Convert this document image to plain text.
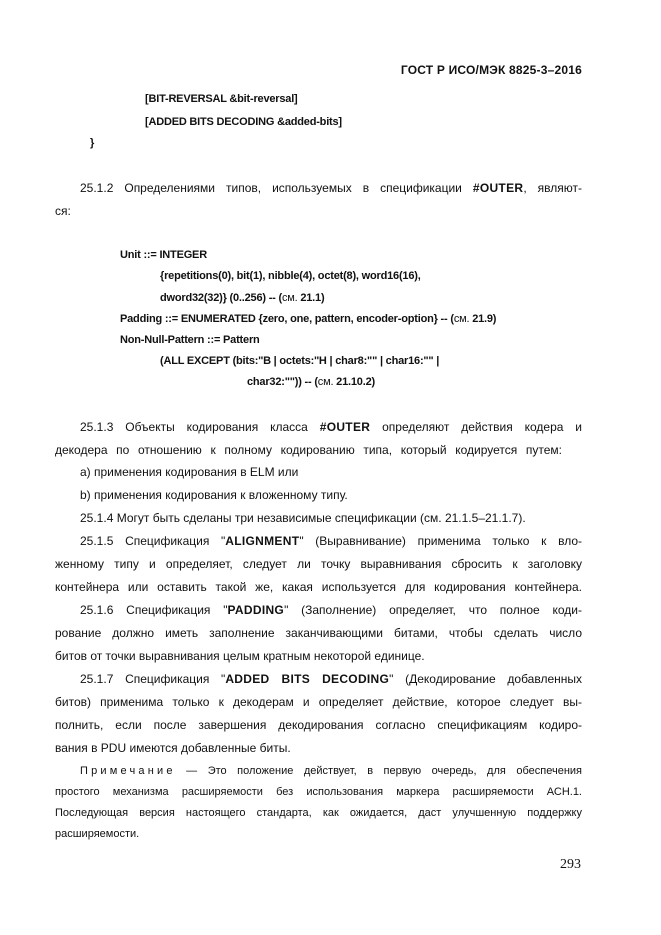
ГОСТ Р ИСО/МЭК 8825-3–2016
[BIT-REVERSAL &bit-reversal]
[ADDED BITS DECODING &added-bits]
}
25.1.2 Определениями типов, используемых в спецификации #OUTER, являют-
ся:
Unit ::= INTEGER
{repetitions(0), bit(1), nibble(4), octet(8), word16(16),
dword32(32)} (0..256) -- (см. 21.1)
Padding ::= ENUMERATED {zero, one, pattern, encoder-option} -- (см. 21.9)
Non-Null-Pattern ::= Pattern
(ALL EXCEPT (bits:''B | octets:''H | char8:"" | char16:"" |
char32:"")) -- (см. 21.10.2)
25.1.3 Объекты кодирования класса #OUTER определяют действия кодера и
декодера по отношению к полному кодированию типа, который кодируется путем:
a) применения кодирования в ELM или
b) применения кодирования к вложенному типу.
25.1.4 Могут быть сделаны три независимые спецификации (см. 21.1.5–21.1.7).
25.1.5 Спецификация "ALIGNMENT" (Выравнивание) применима только к вло-
женному типу и определяет, следует ли точку выравнивания сбросить к заголовку
контейнера или оставить такой же, какая используется для кодирования контейнера.
25.1.6 Спецификация "PADDING" (Заполнение) определяет, что полное коди-
рование должно иметь заполнение заканчивающими битами, чтобы сделать число
битов от точки выравнивания целым кратным некоторой единице.
25.1.7 Спецификация "ADDED BITS DECODING" (Декодирование добавленных
битов) применима только к декодерам и определяет действие, которое следует вы-
полнить, если после завершения декодирования согласно спецификациям кодиро-
вания в PDU имеются добавленные биты.
Примечание — Это положение действует, в первую очередь, для обеспечения
простого механизма расширяемости без использования маркера расширяемости АСН.1.
Последующая версия настоящего стандарта, как ожидается, даст улучшенную поддержку
расширяемости.
293
